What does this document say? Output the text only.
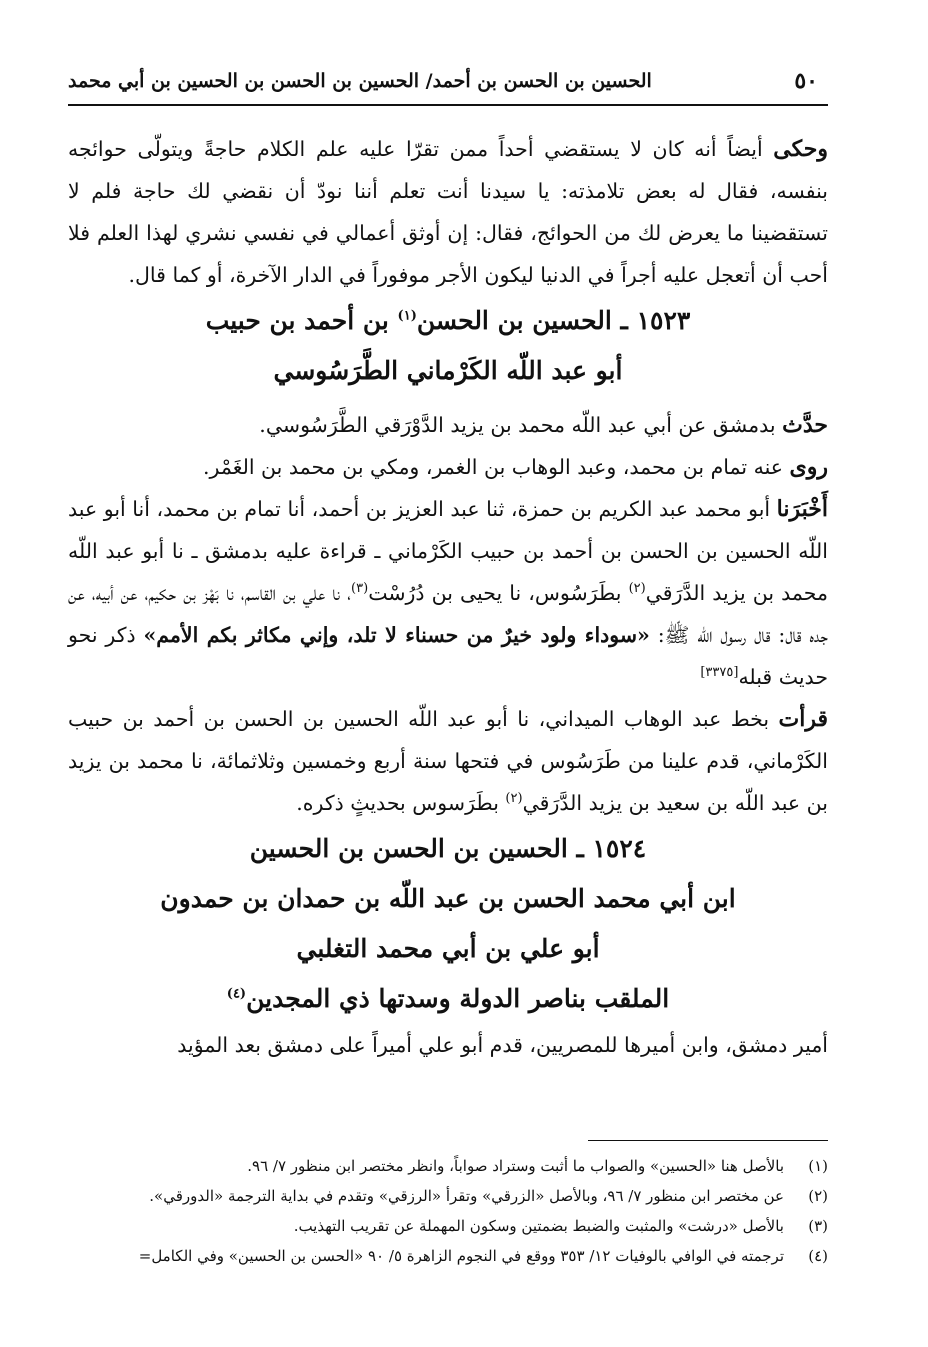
٥٠
الحسين بن الحسن بن أحمد/ الحسين بن الحسن بن الحسين بن أبي محمد

وحكى أيضاً أنه كان لا يستقضي أحداً ممن تقرّا عليه علم الكلام حاجةً ويتولّى حوائجه بنفسه، فقال له بعض تلامذته: يا سيدنا أنت تعلم أننا نودّ أن نقضي لك حاجة فلم لا تستقضينا ما يعرض لك من الحوائج، فقال: إن أوثق أعمالي في نفسي نشري لهذا العلم فلا أحب أن أتعجل عليه أجراً في الدنيا ليكون الأجر موفوراً في الدار الآخرة، أو كما قال.

١٥٢٣ ـ الحسين بن الحسن$^{(١)}$ بن أحمد بن حبيب
أبو عبد اللّه الكَرْماني الطَّرَسُوسي

حدَّث بدمشق عن أبي عبد اللّه محمد بن يزيد الدَّوْرَقي الطَّرَسُوسي.

روى عنه تمام بن محمد، وعبد الوهاب بن الغمر، ومكي بن محمد بن الغَمْر.

أَخْبَرَنا أبو محمد عبد الكريم بن حمزة، ثنا عبد العزيز بن أحمد، أنا تمام بن محمد، أنا أبو عبد اللّه الحسين بن الحسن بن أحمد بن حبيب الكَرْماني ـ قراءة عليه بدمشق ـ نا أبو عبد اللّه محمد بن يزيد الدَّرَقي$^{(٢)}$ بطَرَسُوس، نا يحيى بن دُرُسْت$^{(٣)}$، نا علي بن القاسم، نا بَهْز بن حكيم، عن أبيه، عن جده قال: قال رسول الله ﷺ: «سوداء ولود خيرٌ من حسناء لا تلد، وإني مكاثر بكم الأمم» ذكر نحو حديث قبله[٣٣٧٥]

قرأت بخط عبد الوهاب الميداني، نا أبو عبد اللّه الحسين بن الحسن بن أحمد بن حبيب الكَرْماني، قدم علينا من طَرَسُوس في فتحها سنة أربع وخمسين وثلاثمائة، نا محمد بن يزيد بن عبد اللّه بن سعيد بن يزيد الدَّرَقي$^{(٢)}$ بطَرَسوس بحديثٍ ذكره.

١٥٢٤ ـ الحسين بن الحسن بن الحسين
ابن أبي محمد الحسن بن عبد اللّه بن حمدان بن حمدون
أبو علي بن أبي محمد التغلبي
الملقب بناصر الدولة وسدتها ذي المجدين$^{(٤)}$

أمير دمشق، وابن أميرها للمصريين، قدم أبو علي أميراً على دمشق بعد المؤيد

(١)بالأصل هنا «الحسين» والصواب ما أثبت وستراد صواباً، وانظر مختصر ابن منظور ٧/ ٩٦.
(٢)عن مختصر ابن منظور ٧/ ٩٦، وبالأصل «الزرقي» وتقرأ «الرزقي» وتقدم في بداية الترجمة «الدورقي».
(٣)بالأصل «درشت» والمثبت والضبط بضمتين وسكون المهملة عن تقريب التهذيب.
(٤)ترجمته في الوافي بالوفيات ١٢/ ٣٥٣ ووقع في النجوم الزاهرة ٥/ ٩٠ «الحسن بن الحسين» وفي الكامل=
